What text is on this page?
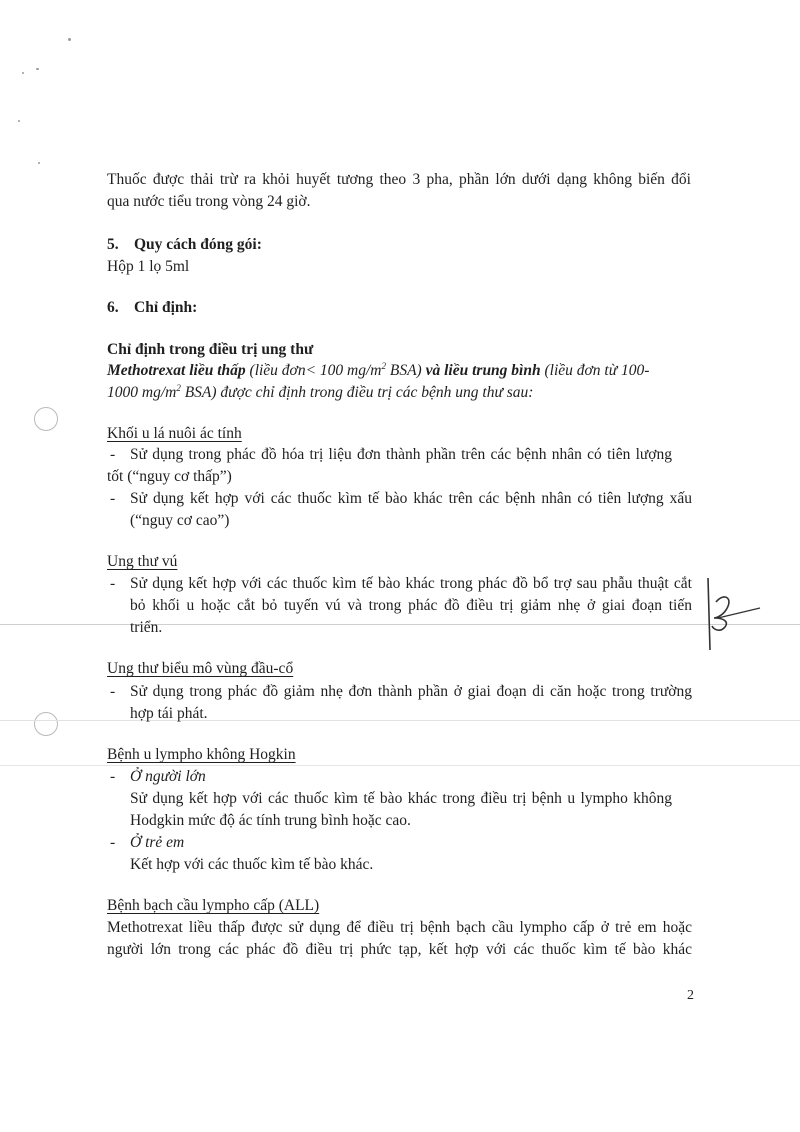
Thuốc được thải trừ ra khỏi huyết tương theo 3 pha, phần lớn dưới dạng không biến đổi
qua nước tiểu trong vòng 24 giờ.
5. Quy cách đóng gói:
Hộp 1 lọ 5ml
6. Chỉ định:
Chỉ định trong điều trị ung thư
Methotrexat liều thấp (liều đơn< 100 $mg/m^2$ BSA) và liều trung bình (liều đơn từ 100-
1000 $mg/m^2$ BSA) được chỉ định trong điều trị các bệnh ung thư sau:
Khối u lá nuôi ác tính
- Sử dụng trong phác đồ hóa trị liệu đơn thành phần trên các bệnh nhân có tiên lượng
tốt (“nguy cơ thấp”)
- Sử dụng kết hợp với các thuốc kìm tế bào khác trên các bệnh nhân có tiên lượng xấu
(“nguy cơ cao”)
Ung thư vú
- Sử dụng kết hợp với các thuốc kìm tế bào khác trong phác đồ bổ trợ sau phẫu thuật cắt
bỏ khối u hoặc cắt bỏ tuyến vú và trong phác đồ điều trị giảm nhẹ ở giai đoạn tiến
triển.
Ung thư biểu mô vùng đầu-cổ
- Sử dụng trong phác đồ giảm nhẹ đơn thành phần ở giai đoạn di căn hoặc trong trường
hợp tái phát.
Bệnh u lympho không Hogkin
- Ở người lớn
Sử dụng kết hợp với các thuốc kìm tế bào khác trong điều trị bệnh u lympho không
Hodgkin mức độ ác tính trung bình hoặc cao.
- Ở trẻ em
Kết hợp với các thuốc kìm tế bào khác.
Bệnh bạch cầu lympho cấp (ALL)
Methotrexat liều thấp được sử dụng để điều trị bệnh bạch cầu lympho cấp ở trẻ em hoặc
người lớn trong các phác đồ điều trị phức tạp, kết hợp với các thuốc kìm tế bào khác
2
